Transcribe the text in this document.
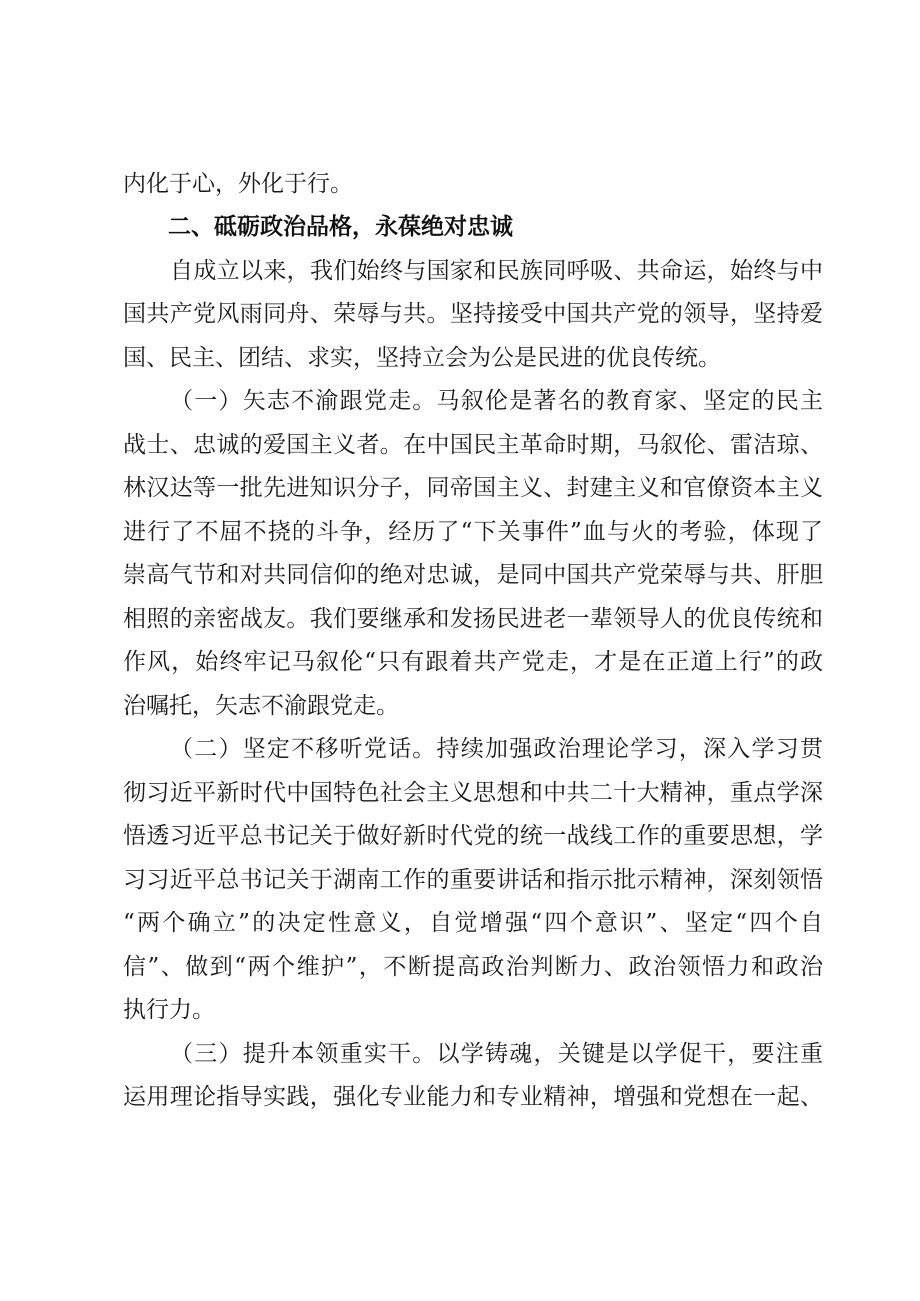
内化于心，外化于行。
二、砥砺政治品格，永葆绝对忠诚
自成立以来，我们始终与国家和民族同呼吸、共命运，始终与中
国共产党风雨同舟、荣辱与共。坚持接受中国共产党的领导，坚持爱
国、民主、团结、求实，坚持立会为公是民进的优良传统。
（一）矢志不渝跟党走。马叙伦是著名的教育家、坚定的民主
战士、忠诚的爱国主义者。在中国民主革命时期，马叙伦、雷洁琼、
林汉达等一批先进知识分子，同帝国主义、封建主义和官僚资本主义
进行了不屈不挠的斗争，经历了“下关事件”血与火的考验，体现了
崇高气节和对共同信仰的绝对忠诚，是同中国共产党荣辱与共、肝胆
相照的亲密战友。我们要继承和发扬民进老一辈领导人的优良传统和
作风，始终牢记马叙伦“只有跟着共产党走，才是在正道上行”的政
治嘱托，矢志不渝跟党走。
（二）坚定不移听党话。持续加强政治理论学习，深入学习贯
彻习近平新时代中国特色社会主义思想和中共二十大精神，重点学深
悟透习近平总书记关于做好新时代党的统一战线工作的重要思想，学
习习近平总书记关于湖南工作的重要讲话和指示批示精神，深刻领悟
“两个确立”的决定性意义，自觉增强“四个意识”、坚定“四个自
信”、做到“两个维护”，不断提高政治判断力、政治领悟力和政治
执行力。
（三）提升本领重实干。以学铸魂，关键是以学促干，要注重
运用理论指导实践，强化专业能力和专业精神，增强和党想在一起、
